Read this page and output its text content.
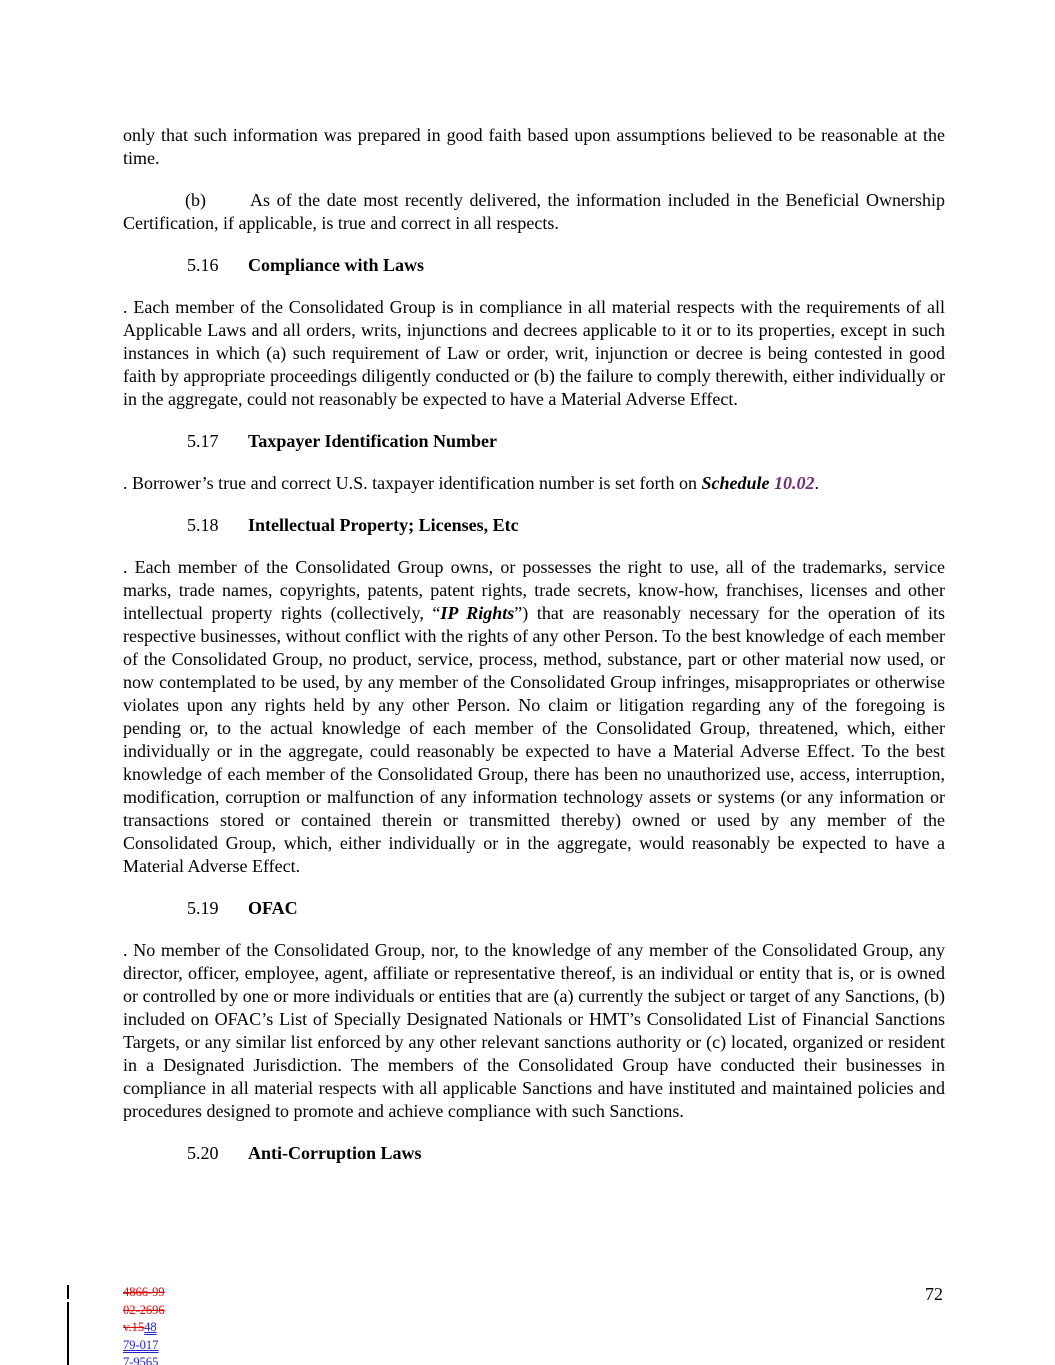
only that such information was prepared in good faith based upon assumptions believed to be reasonable at the time.

(b) As of the date most recently delivered, the information included in the Beneficial Ownership Certification, if applicable, is true and correct in all respects.

5.16 Compliance with Laws

. Each member of the Consolidated Group is in compliance in all material respects with the requirements of all Applicable Laws and all orders, writs, injunctions and decrees applicable to it or to its properties, except in such instances in which (a) such requirement of Law or order, writ, injunction or decree is being contested in good faith by appropriate proceedings diligently conducted or (b) the failure to comply therewith, either individually or in the aggregate, could not reasonably be expected to have a Material Adverse Effect.

5.17 Taxpayer Identification Number

. Borrower’s true and correct U.S. taxpayer identification number is set forth on Schedule 10.02.

5.18 Intellectual Property; Licenses, Etc

. Each member of the Consolidated Group owns, or possesses the right to use, all of the trademarks, service marks, trade names, copyrights, patents, patent rights, trade secrets, know-how, franchises, licenses and other intellectual property rights (collectively, “IP Rights”) that are reasonably necessary for the operation of its respective businesses, without conflict with the rights of any other Person. To the best knowledge of each member of the Consolidated Group, no product, service, process, method, substance, part or other material now used, or now contemplated to be used, by any member of the Consolidated Group infringes, misappropriates or otherwise violates upon any rights held by any other Person. No claim or litigation regarding any of the foregoing is pending or, to the actual knowledge of each member of the Consolidated Group, threatened, which, either individually or in the aggregate, could reasonably be expected to have a Material Adverse Effect. To the best knowledge of each member of the Consolidated Group, there has been no unauthorized use, access, interruption, modification, corruption or malfunction of any information technology assets or systems (or any information or transactions stored or contained therein or transmitted thereby) owned or used by any member of the Consolidated Group, which, either individually or in the aggregate, would reasonably be expected to have a Material Adverse Effect.

5.19 OFAC

. No member of the Consolidated Group, nor, to the knowledge of any member of the Consolidated Group, any director, officer, employee, agent, affiliate or representative thereof, is an individual or entity that is, or is owned or controlled by one or more individuals or entities that are (a) currently the subject or target of any Sanctions, (b) included on OFAC’s List of Specially Designated Nationals or HMT’s Consolidated List of Financial Sanctions Targets, or any similar list enforced by any other relevant sanctions authority or (c) located, organized or resident in a Designated Jurisdiction. The members of the Consolidated Group have conducted their businesses in compliance in all material respects with all applicable Sanctions and have instituted and maintained policies and procedures designed to promote and achieve compliance with such Sanctions.

5.20 Anti-Corruption Laws
4866-99
02-2696
v.1548
79-017
7-9565
72
